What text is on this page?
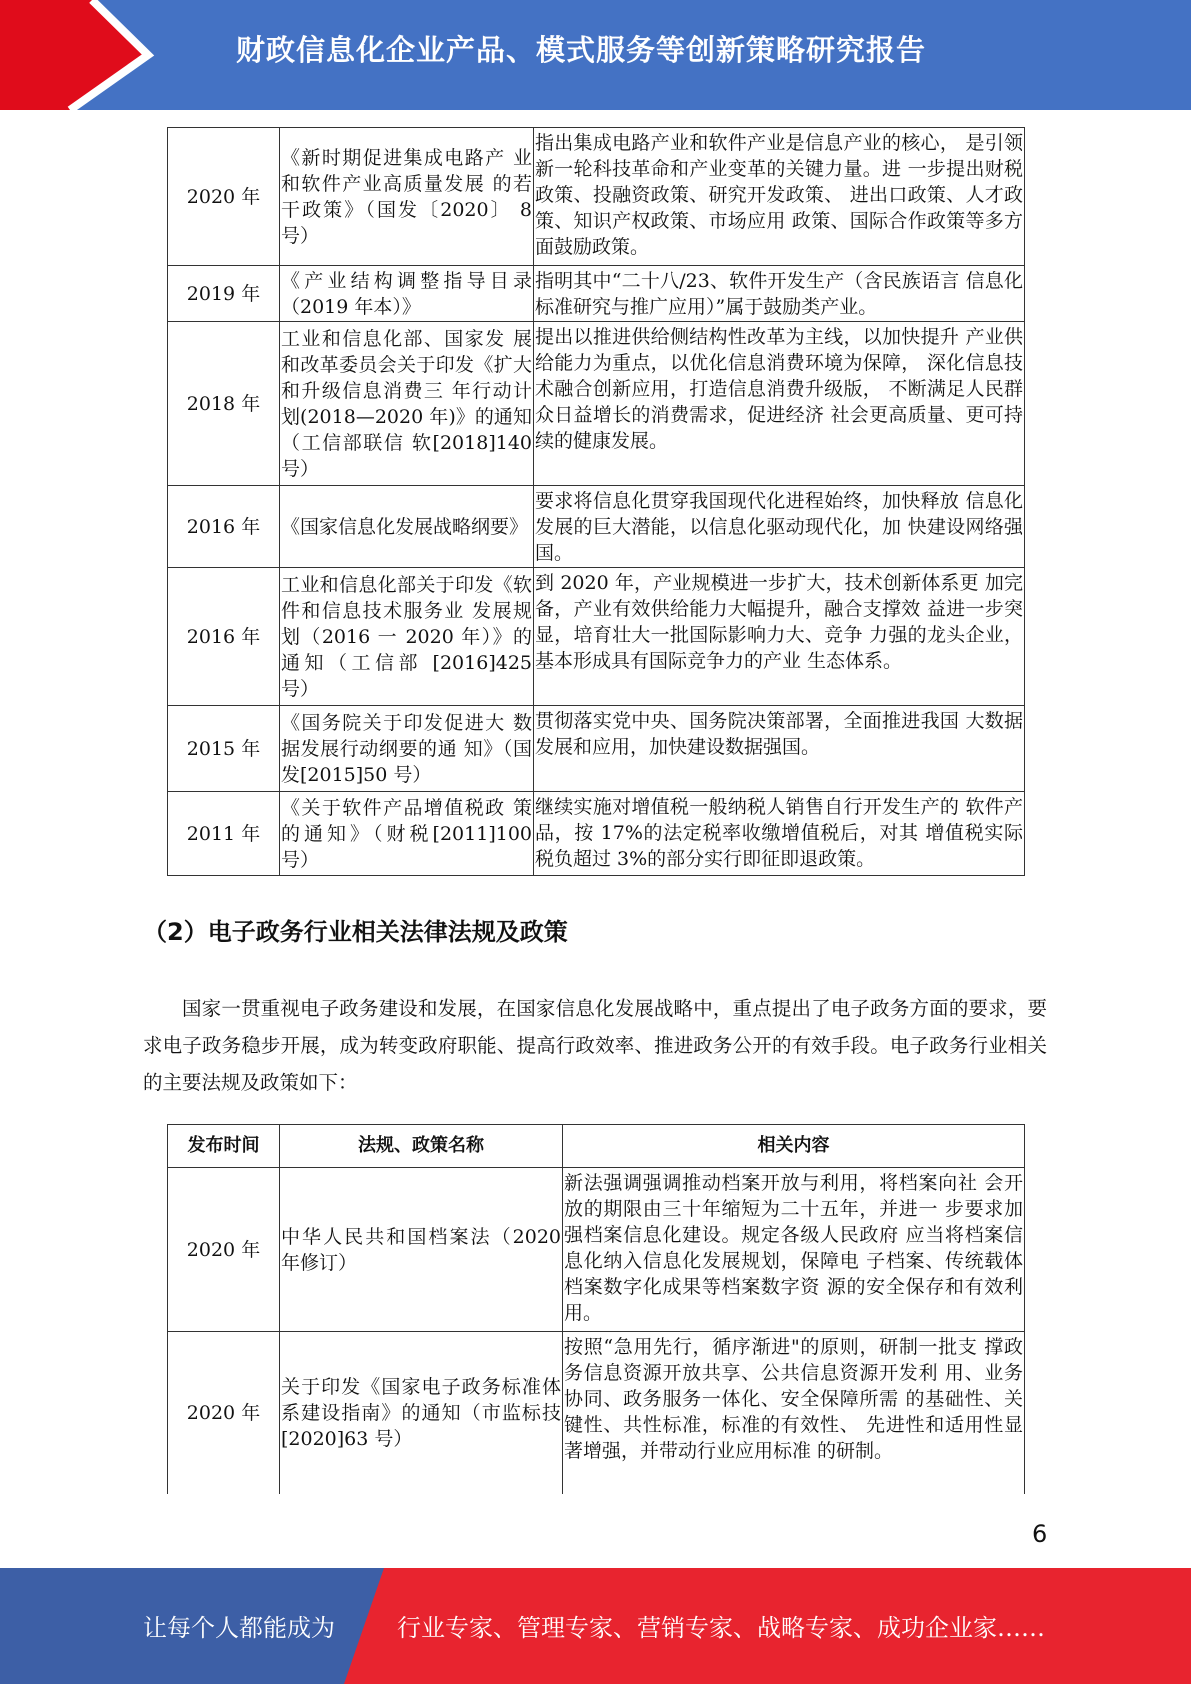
财政信息化企业产品、模式服务等创新策略研究报告
2020 年	《新时期促进集成电路产 业和软件产业高质量发展 的若干政策》（国发〔2020〕 8 号）	指出集成电路产业和软件产业是信息产业的核心， 是引领新一轮科技革命和产业变革的关键力量。进 一步提出财税政策、投融资政策、研究开发政策、 进出口政策、人才政策、知识产权政策、市场应用 政策、国际合作政策等多方面鼓励政策。
2019 年	《产业结构调整指导目录（2019 年本）》	指明其中“二十八/23、软件开发生产（含民族语言 信息化标准研究与推广应用）”属于鼓励类产业。
2018 年	工业和信息化部、国家发 展和改革委员会关于印发《扩大和升级信息消费三 年行动计划(2018—2020 年)》的通知（工信部联信 软[2018]140 号）	提出以推进供给侧结构性改革为主线，以加快提升 产业供给能力为重点，以优化信息消费环境为保障， 深化信息技术融合创新应用，打造信息消费升级版， 不断满足人民群众日益增长的消费需求，促进经济 社会更高质量、更可持续的健康发展。
2016 年	《国家信息化发展战略纲要》	要求将信息化贯穿我国现代化进程始终，加快释放 信息化发展的巨大潜能，以信息化驱动现代化，加 快建设网络强国。
2016 年	工业和信息化部关于印发《软件和信息技术服务业 发展规划（2016 一 2020 年）》的通知（工信部 [2016]425 号）	到 2020 年，产业规模进一步扩大，技术创新体系更 加完备，产业有效供给能力大幅提升，融合支撑效 益进一步突显，培育壮大一批国际影响力大、竞争 力强的龙头企业，基本形成具有国际竞争力的产业 生态体系。
2015 年	《国务院关于印发促进大 数据发展行动纲要的通 知》（国发[2015]50 号）	贯彻落实党中央、国务院决策部署，全面推进我国 大数据发展和应用，加快建设数据强国。
2011 年	《关于软件产品增值税政 策的通知》（财税[2011]100 号）	继续实施对增值税一般纳税人销售自行开发生产的 软件产品，按 17%的法定税率收缴增值税后，对其 增值税实际税负超过 3%的部分实行即征即退政策。
（2）电子政务行业相关法律法规及政策
国家一贯重视电子政务建设和发展，在国家信息化发展战略中，重点提出了电子政务方面的要求，要求电子政务稳步开展，成为转变政府职能、提高行政效率、推进政务公开的有效手段。电子政务行业相关的主要法规及政策如下：
发布时间	法规、政策名称	相关内容
2020 年	中华人民共和国档案法（2020 年修订）	新法强调强调推动档案开放与利用，将档案向社 会开放的期限由三十年缩短为二十五年，并进一 步要求加强档案信息化建设。规定各级人民政府 应当将档案信息化纳入信息化发展规划，保障电 子档案、传统载体档案数字化成果等档案数字资 源的安全保存和有效利用。
2020 年	关于印发《国家电子政务标准体系建设指南》的通知（市监标技[2020]63 号）	按照“急用先行，循序渐进"的原则，研制一批支 撑政务信息资源开放共享、公共信息资源开发利 用、业务协同、政务服务一体化、安全保障所需 的基础性、关键性、共性标准，标准的有效性、 先进性和适用性显著增强，并带动行业应用标准 的研制。
6
让每个人都能成为	行业专家、管理专家、营销专家、战略专家、成功企业家……
